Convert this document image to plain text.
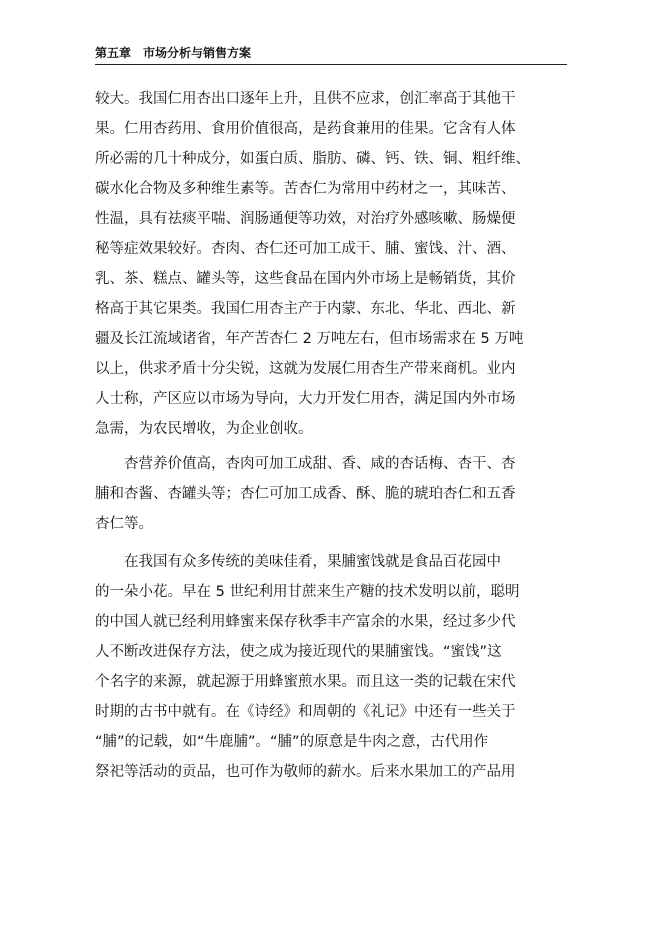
第五章　市场分析与销售方案
较大。我国仁用杏出口逐年上升，且供不应求，创汇率高于其他干
果。仁用杏药用、食用价值很高，是药食兼用的佳果。它含有人体
所必需的几十种成分，如蛋白质、脂肪、磷、钙、铁、铜、粗纤维、
碳水化合物及多种维生素等。苦杏仁为常用中药材之一，其味苦、
性温，具有祛痰平喘、润肠通便等功效，对治疗外感咳嗽、肠燥便
秘等症效果较好。杏肉、杏仁还可加工成干、脯、蜜饯、汁、酒、
乳、茶、糕点、罐头等，这些食品在国内外市场上是畅销货，其价
格高于其它果类。我国仁用杏主产于内蒙、东北、华北、西北、新
疆及长江流域诸省，年产苦杏仁 2 万吨左右，但市场需求在 5 万吨
以上，供求矛盾十分尖锐，这就为发展仁用杏生产带来商机。业内
人士称，产区应以市场为导向，大力开发仁用杏，满足国内外市场
急需，为农民增收，为企业创收。
　　杏营养价值高，杏肉可加工成甜、香、咸的杏话梅、杏干、杏
脯和杏酱、杏罐头等；杏仁可加工成香、酥、脆的琥珀杏仁和五香
杏仁等。
　　在我国有众多传统的美味佳肴，果脯蜜饯就是食品百花园中
的一朵小花。早在 5 世纪利用甘蔗来生产糖的技术发明以前，聪明
的中国人就已经利用蜂蜜来保存秋季丰产富余的水果，经过多少代
人不断改进保存方法，使之成为接近现代的果脯蜜饯。“蜜饯”这
个名字的来源，就起源于用蜂蜜煎水果。而且这一类的记载在宋代
时期的古书中就有。在《诗经》和周朝的《礼记》中还有一些关于
“脯”的记载，如“牛鹿脯”。“脯”的原意是牛肉之意，古代用作
祭祀等活动的贡品，也可作为敬师的薪水。后来水果加工的产品用
